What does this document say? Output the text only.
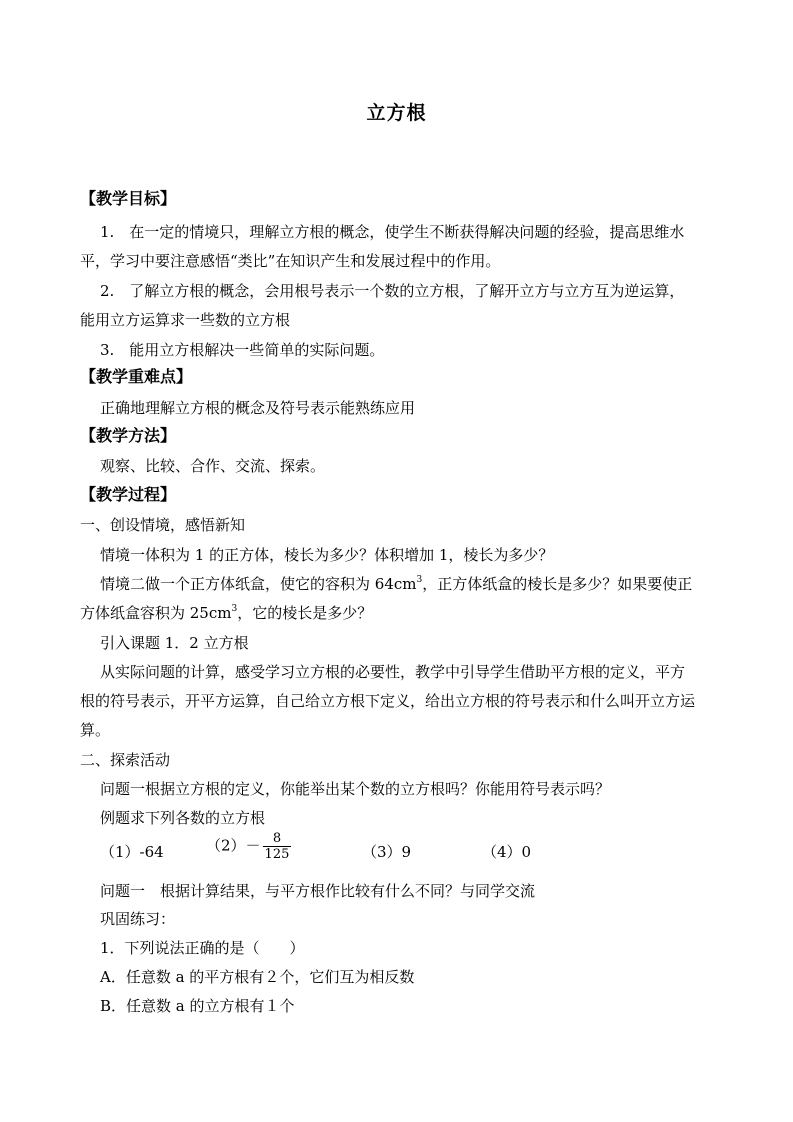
立方根
【教学目标】
1.　在一定的情境只，理解立方根的概念，使学生不断获得解决问题的经验，提高思维水
平，学习中要注意感悟“类比”在知识产生和发展过程中的作用。
2.　了解立方根的概念，会用根号表示一个数的立方根，了解开立方与立方互为逆运算，
能用立方运算求一些数的立方根
3.　能用立方根解决一些简单的实际问题。
【教学重难点】
正确地理解立方根的概念及符号表示能熟练应用
【教学方法】
观察、比较、合作、交流、探索。
【教学过程】
一、创设情境，感悟新知
情境一体积为 1 的正方体，棱长为多少？体积增加 1，棱长为多少？
情境二做一个正方体纸盒，使它的容积为 $64cm^3$，正方体纸盒的棱长是多少？如果要使正
方体纸盒容积为 $25cm^3$，它的棱长是多少？
引入课题 1．2 立方根
从实际问题的计算，感受学习立方根的必要性，教学中引导学生借助平方根的定义，平方
根的符号表示，开平方运算，自己给立方根下定义，给出立方根的符号表示和什么叫开立方运
算。
二、探索活动
问题一根据立方根的定义，你能举出某个数的立方根吗？你能用符号表示吗？
例题求下列各数的立方根
（1）-64	$(2)- \frac{8}{125}$	（3）9	（4）0
问题一　根据计算结果，与平方根作比较有什么不同？与同学交流
巩固练习：
1．下列说法正确的是（　　）
A．任意数 a 的平方根有２个，它们互为相反数
B．任意数 a 的立方根有１个
